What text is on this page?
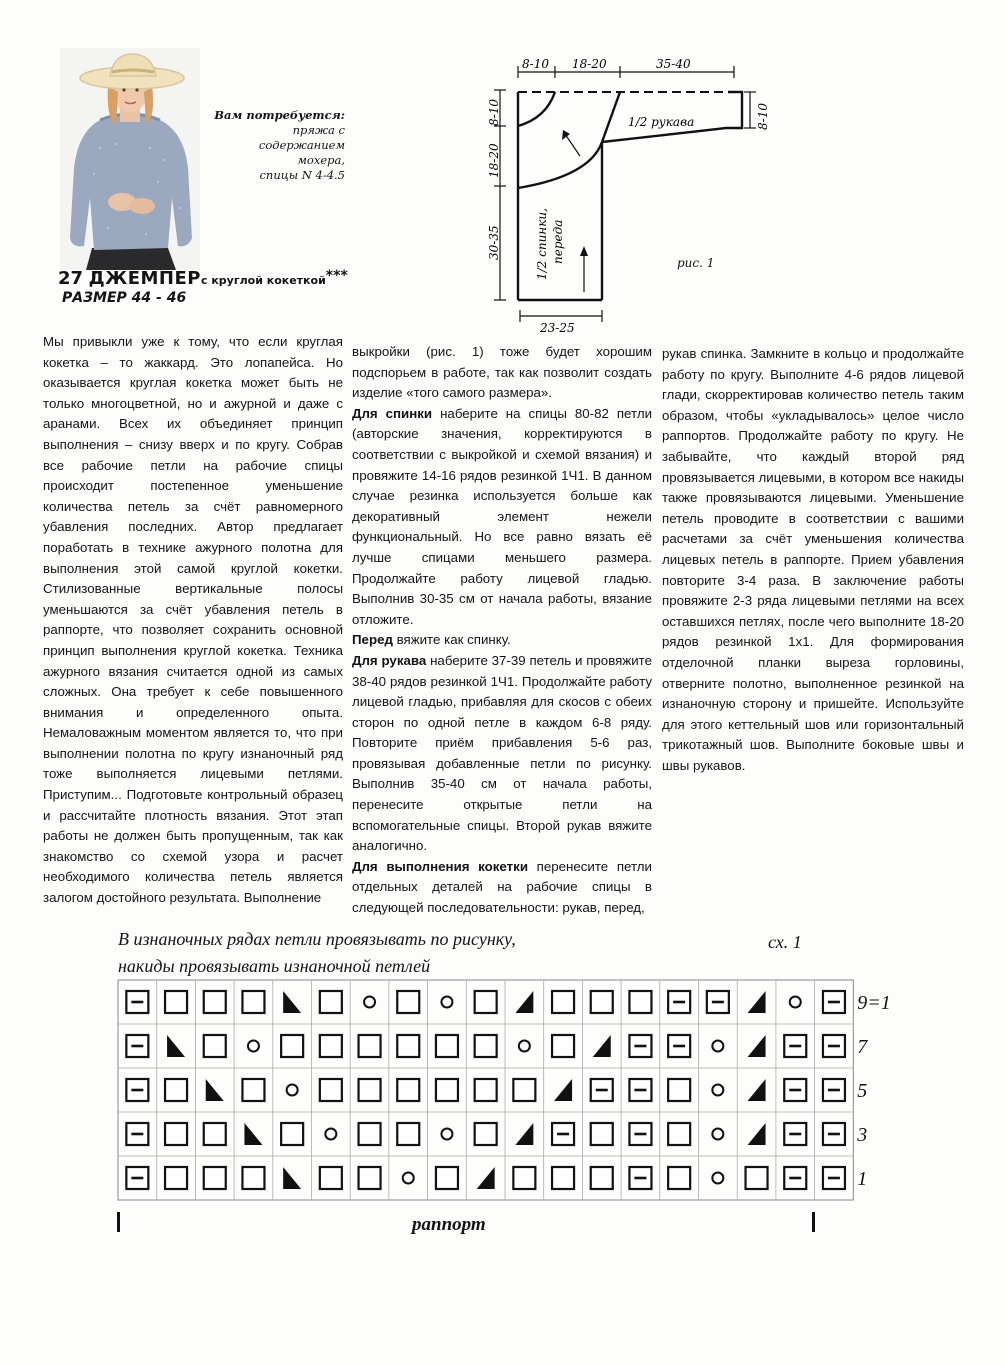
Вам потребуется:
пряжа с содержанием
мохера,
спицы N 4-4.5
27 ДЖЕМПЕРс круглой кокеткой***
РАЗМЕР 44 - 46
8-10 18-20	35-40
8-10
18-20
30-35
8-10
23-25
1/2 рукава
1/2 спинки, переда	рис. 1

Мы привыкли уже к тому, что если круглая кокетка – то жаккард. Это лопапейса. Но оказывается круглая кокетка может быть не только многоцветной, но и ажурной и даже с аранами. Всех их объединяет принцип выполнения – снизу вверх и по кругу. Собрав все рабочие петли на рабочие спицы происходит постепенное уменьшение количества петель за счёт равномерного убавления последних. Автор предлагает поработать в технике ажурного полотна для выполнения этой самой круглой кокетки. Стилизованные вертикальные полосы уменьшаются за счёт убавления петель в раппорте, что позволяет сохранить основной принцип выполнения круглой кокетка. Техника ажурного вязания считается одной из самых сложных. Она требует к себе повышенного внимания и определенного опыта. Немаловажным моментом является то, что при выполнении полотна по кругу изнаночный ряд тоже выполняется лицевыми петлями. Приступим... Подготовьте контрольный образец и рассчитайте плотность вязания. Этот этап работы не должен быть пропущенным, так как знакомство со схемой узора и расчет необходимого количества петель является залогом достойного результата. Выполнение

выкройки (рис. 1) тоже будет хорошим подспорьем в работе, так как позволит создать изделие «того самого размера».

Для спинки наберите на спицы 80-82 петли (авторские значения, корректируются в соответствии с выкройкой и схемой вязания) и провяжите 14-16 рядов резинкой 1Ч1. В данном случае резинка используется больше как декоративный элемент нежели функциональный. Но все равно вязать её лучше спицами меньшего размера. Продолжайте работу лицевой гладью. Выполнив 30-35 см от начала работы, вязание отложите.

Перед вяжите как спинку.

Для рукава наберите 37-39 петель и провяжите 38-40 рядов резинкой 1Ч1. Продолжайте работу лицевой гладью, прибавляя для скосов с обеих сторон по одной петле в каждом 6-8 ряду. Повторите приём прибавления 5-6 раз, провязывая добавленные петли по рисунку. Выполнив 35-40 см от начала работы, перенесите открытые петли на вспомогательные спицы. Второй рукав вяжите аналогично.

Для выполнения кокетки перенесите петли отдельных деталей на рабочие спицы в следующей последовательности: рукав, перед,

рукав спинка. Замкните в кольцо и продолжайте работу по кругу. Выполните 4-6 рядов лицевой глади, скорректировав количество петель таким образом, чтобы «укладывалось» целое число раппортов. Продолжайте работу по кругу. Не забывайте, что каждый второй ряд провязывается лицевыми, в котором все накиды также провязываются лицевыми. Уменьшение петель проводите в соответствии с вашими расчетами за счёт уменьшения количества лицевых петель в раппорте. Прием убавления повторите 3-4 раза. В заключение работы провяжите 2-3 ряда лицевыми петлями на всех оставшихся петлях, после чего выполните 18-20 рядов резинкой 1х1. Для формирования отделочной планки выреза горловины, отверните полотно, выполненное резинкой на изнаночную сторону и пришейте. Используйте для этого кеттельный шов или горизонтальный трикотажный шов. Выполните боковые швы и швы рукавов.

В изнаночных рядах петли провязывать по рисунку,
накиды провязывать изнаночной петлей
сх. 1
9=1
7
5
3
1
раппорт
